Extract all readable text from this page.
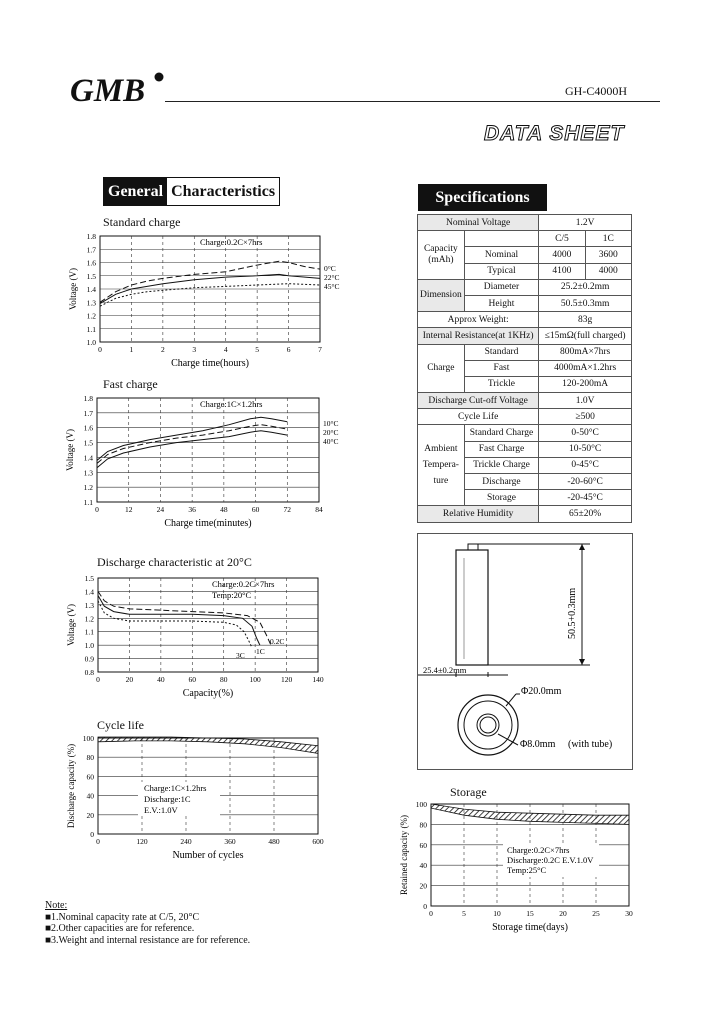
GMB	GH-C4000H
DATA SHEET
General Characteristics
Standard charge
0	1	2	3	4	5	6	7
1.0
1.1
1.2
1.3
1.4
1.5
1.6
1.7
1.8
Charge time(hours)
Voltage (V)	0°C
22°C
45°C
Charge:0.2C×7hrs
Fast charge
0	12	24	36	48	60	72	84
1.1
1.2
1.3
1.4
1.5
1.6
1.7
1.8
Charge time(minutes)
Voltage (V)
10°C
20°C
40°C
Charge:1C×1.2hrs
Discharge characteristic at 20°C
0	20	40	60	80	100	120	140
0.8
0.9
1.0
1.1
1.2
1.3
1.4
1.5
Capacity(%)
Voltage (V)	0.2C
1C
3C
Charge:0.2C×7hrs
Temp:20°C
Cycle life
0	120	240	360	480	600
0
20
40
60
80
100
Number of cycles
Discharge capacity (%)	Charge:1C×1.2hrs
Discharge:1C
E.V.:1.0V
Storage
0	5	10	15	20	25	30
0
20
40
60
80
100
Storage time(days)
Retained capacity (%)	Charge:0.2C×7hrs
Discharge:0.2C E.V.1.0V
Temp:25°C
Specifications
Nominal Voltage		1.2V	
Capacity (mAh)		C/5	1C
	Nominal	4000	3600
	Typical	4100	4000
Dimension	Diameter	25.2±0.2mm	
	Height	50.5±0.3mm	
Approx Weight:		83g	
Internal Resistance(at 1KHz)		≤15mΩ(full charged)	
Charge	Standard	800mA×7hrs	
	Fast	4000mA×1.2hrs	
	Trickle	120-200mA	
Discharge Cut-off Voltage		1.0V	
Cycle Life		≥500	
Ambient Tempera-ture	Standard Charge	0-50°C	
	Fast Charge	10-50°C	
	Trickle Charge	0-45°C	
	Discharge	-20-60°C	
	Storage	-20-45°C	
Relative Humidity		65±20%	
50.5+0.3mm
25.4±0.2mm
Φ20.0mm
Φ8.0mm (with tube)
Note:
■1.Nominal capacity rate at C/5, 20°C
■2.Other capacities are for reference.
■3.Weight and internal resistance are for reference.
